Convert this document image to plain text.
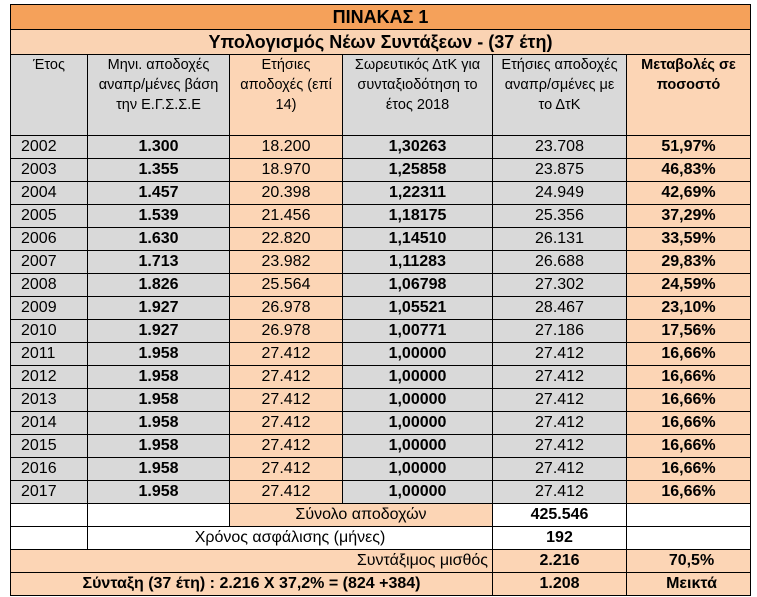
ΠΙΝΑΚΑΣ 1					
Υπολογισμός Νέων Συντάξεων - (37 έτη)					
Έτος	Μηνι. αποδοχές αναπρ/μένες βάση την Ε.Γ.Σ.Σ.Ε	Ετήσιες αποδοχές (επί 14)	Σωρευτικός ΔτΚ για συνταξιοδότηση το έτος 2018	Ετήσιες αποδοχές αναπρ/σμένες με το ΔτΚ	Μεταβολές σε ποσοστό
2002	1.300	18.200	1,30263	23.708	51,97%
2003	1.355	18.970	1,25858	23.875	46,83%
2004	1.457	20.398	1,22311	24.949	42,69%
2005	1.539	21.456	1,18175	25.356	37,29%
2006	1.630	22.820	1,14510	26.131	33,59%
2007	1.713	23.982	1,11283	26.688	29,83%
2008	1.826	25.564	1,06798	27.302	24,59%
2009	1.927	26.978	1,05521	28.467	23,10%
2010	1.927	26.978	1,00771	27.186	17,56%
2011	1.958	27.412	1,00000	27.412	16,66%
2012	1.958	27.412	1,00000	27.412	16,66%
2013	1.958	27.412	1,00000	27.412	16,66%
2014	1.958	27.412	1,00000	27.412	16,66%
2015	1.958	27.412	1,00000	27.412	16,66%
2016	1.958	27.412	1,00000	27.412	16,66%
2017	1.958	27.412	1,00000	27.412	16,66%
		Σύνολο αποδοχών		425.546	
	Χρόνος ασφάλισης (μήνες)			192	
Συντάξιμος μισθός				2.216	70,5%
Σύνταξη (37 έτη) : 2.216 Χ 37,2% = (824 +384)				1.208	Μεικτά
